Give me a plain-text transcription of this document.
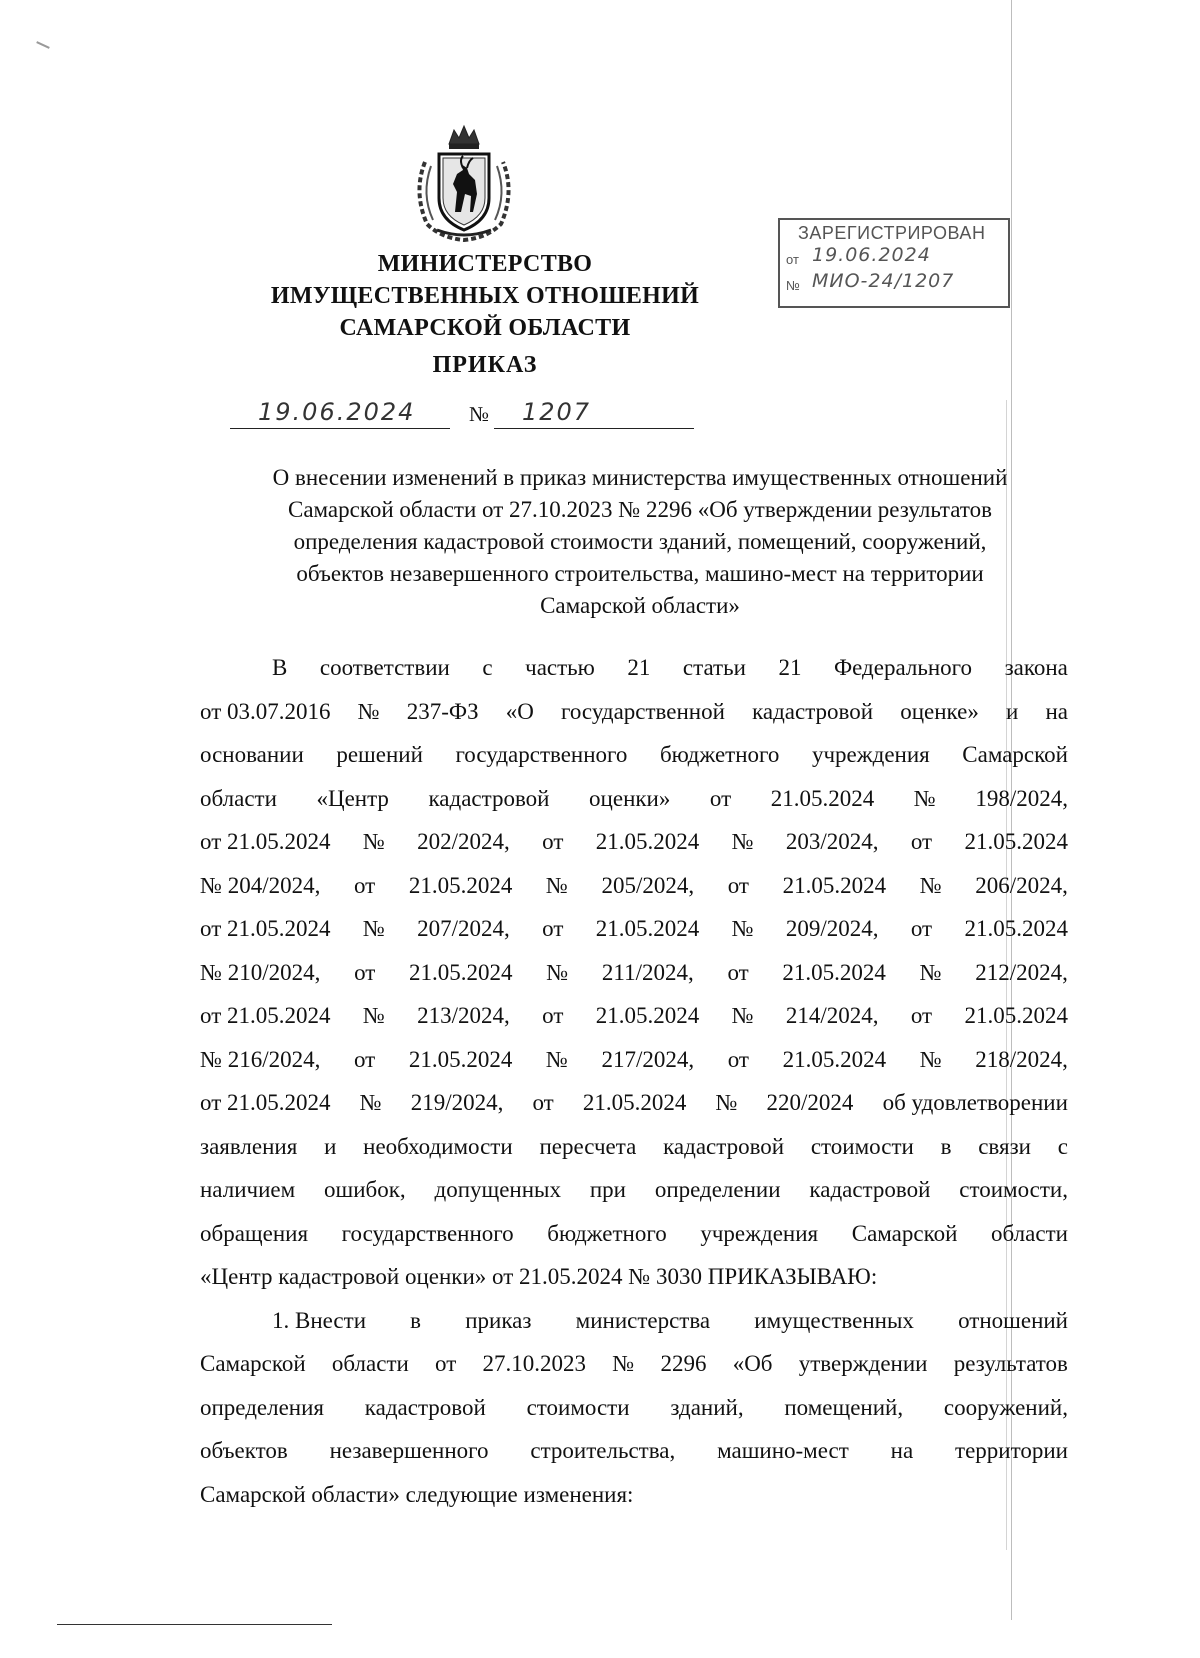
МИНИСТЕРСТВО
ИМУЩЕСТВЕННЫХ ОТНОШЕНИЙ
САМАРСКОЙ ОБЛАСТИ
ПРИКАЗ
19.06.2024	№ 1207
ЗАРЕГИСТРИРОВАН
от 19.06.2024
№ МИО-24/1207
О внесении изменений в приказ министерства имущественных отношений
Самарской области от 27.10.2023 № 2296 «Об утверждении результатов
определения кадастровой стоимости зданий, помещений, сооружений,
объектов незавершенного строительства, машино-мест на территории
Самарской области»
В соответствии с частью 21 статьи 21 Федерального закона
от 03.07.2016 № 237-ФЗ «О государственной кадастровой оценке» и на
основании решений государственного бюджетного учреждения Самарской
области «Центр кадастровой оценки» от 21.05.2024 № 198/2024,
от 21.05.2024 № 202/2024, от 21.05.2024 № 203/2024, от 21.05.2024
№ 204/2024, от 21.05.2024 № 205/2024, от 21.05.2024 № 206/2024,
от 21.05.2024 № 207/2024, от 21.05.2024 № 209/2024, от 21.05.2024
№ 210/2024, от 21.05.2024 № 211/2024, от 21.05.2024 № 212/2024,
от 21.05.2024 № 213/2024, от 21.05.2024 № 214/2024, от 21.05.2024
№ 216/2024, от 21.05.2024 № 217/2024, от 21.05.2024 № 218/2024,
от 21.05.2024 № 219/2024, от 21.05.2024 № 220/2024 об удовлетворении
заявления и необходимости пересчета кадастровой стоимости в связи с
наличием ошибок, допущенных при определении кадастровой стоимости,
обращения государственного бюджетного учреждения Самарской области
«Центр кадастровой оценки» от 21.05.2024 № 3030 ПРИКАЗЫВАЮ:
1. Внести в приказ министерства имущественных отношений
Самарской области от 27.10.2023 № 2296 «Об утверждении результатов
определения кадастровой стоимости зданий, помещений, сооружений,
объектов незавершенного строительства, машино-мест на территории
Самарской области» следующие изменения:
